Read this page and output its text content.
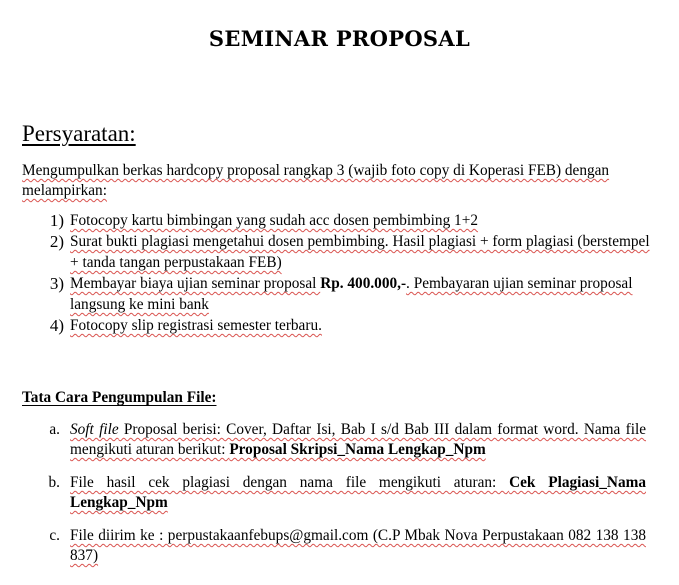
SEMINAR PROPOSAL
Persyaratan:
Mengumpulkan berkas hardcopy proposal rangkap 3 (wajib foto copy di Koperasi FEB) dengan melampirkan:
1) Fotocopy kartu bimbingan yang sudah acc dosen pembimbing 1+2
2) Surat bukti plagiasi mengetahui dosen pembimbing. Hasil plagiasi + form plagiasi (berstempel + tanda tangan perpustakaan FEB)
3) Membayar biaya ujian seminar proposal Rp. 400.000,-. Pembayaran ujian seminar proposal langsung ke mini bank
4) Fotocopy slip registrasi semester terbaru.
Tata Cara Pengumpulan File:
a. Soft file Proposal berisi: Cover, Daftar Isi, Bab I s/d Bab III dalam format word. Nama file mengikuti aturan berikut: Proposal Skripsi_Nama Lengkap_Npm
b. File hasil cek plagiasi dengan nama file mengikuti aturan: Cek Plagiasi_Nama Lengkap_Npm
c. File diirim ke : perpustakaanfebups@gmail.com (C.P Mbak Nova Perpustakaan 082 138 138 837)
